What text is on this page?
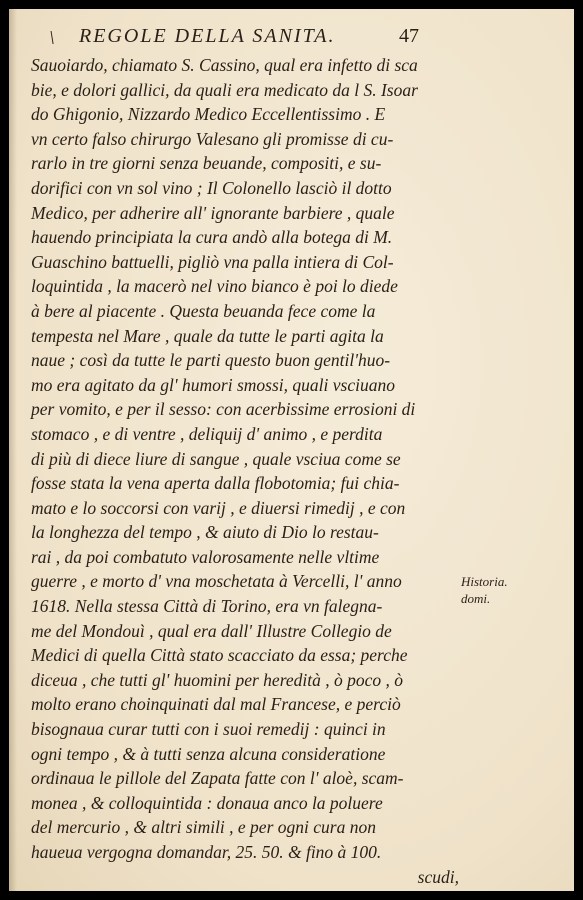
\ REGOLE DELLA SANITA.	47
Sauoiardo, chiamato S. Cassino, qual era infetto di sca
bie, e dolori gallici, da quali era medicato da l S. Isoar
do Ghigonio, Nizzardo Medico Eccellentissimo . E
vn certo falso chirurgo Valesano gli promisse di cu-
rarlo in tre giorni senza beuande, compositi, e su-
dorifici con vn sol vino ; Il Colonello lasciò il dotto
Medico, per adherire all' ignorante barbiere , quale
hauendo principiata la cura andò alla botega di M.
Guaschino battuelli, pigliò vna palla intiera di Col-
loquintida , la macerò nel vino bianco è poi lo diede
à bere al piacente . Questa beuanda fece come la
tempesta nel Mare , quale da tutte le parti agita la
naue ; così da tutte le parti questo buon gentil'huo-
mo era agitato da gl' humori smossi, quali vsciuano
per vomito, e per il sesso: con acerbissime errosioni di
stomaco , e di ventre , deliquij d' animo , e perdita
di più di diece liure di sangue , quale vsciua come se
fosse stata la vena aperta dalla flobotomia; fui chia-
mato e lo soccorsi con varij , e diuersi rimedij , e con
la longhezza del tempo , & aiuto di Dio lo restau-
rai , da poi combatuto valorosamente nelle vltime
guerre , e morto d' vna moschetata à Vercelli, l' anno
1618. Nella stessa Città di Torino, era vn falegna-
me del Mondouì , qual era dall' Illustre Collegio de
Medici di quella Città stato scacciato da essa; perche
diceua , che tutti gl' huomini per heredità , ò poco , ò
molto erano choinquinati dal mal Francese, e perciò
bisognaua curar tutti con i suoi remedij : quinci in
ogni tempo , & à tutti senza alcuna consideratione
ordinaua le pillole del Zapata fatte con l' aloè, scam-
monea , & colloquintida : donaua anco la poluere
del mercurio , & altri simili , e per ogni cura non
haueua vergogna domandar, 25. 50. & fino à 100.
scudi,
Historia.
domi.
